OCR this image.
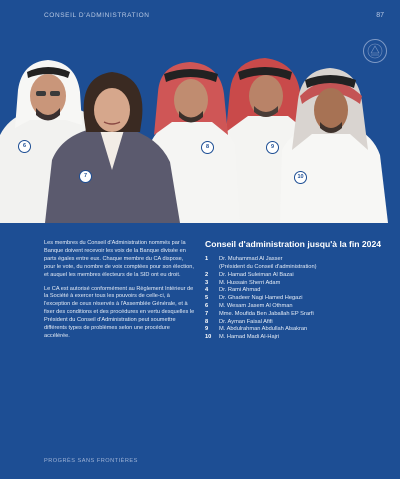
CONSEIL D'ADMINISTRATION	87
6
7
8	9
10

Les membres du Conseil d'Administration nommés par la Banque doivent recevoir les voix de la Banque divisée en parts égales entre eux. Chaque membre du CA dispose, pour le vote, du nombre de voix comptées pour son élection, et auquel les membres électeurs de la SID ont eu droit.

Le CA est autorisé conformément au Règlement Intérieur de la Société à exercer tous les pouvoirs de celle-ci, à l'exception de ceux réservés à l'Assemblée Générale, et à fixer des conditions et des procédures en vertu desquelles le Président du Conseil d'Administration peut soumettre différents types de problèmes selon une procédure accélérée.

Conseil d'administration jusqu'à la fin 2024
1 Dr. Muhammad Al Jasser
(Président du Conseil d'administration)
2 Dr. Hamad Suleiman Al Bazai
3 M. Hussain Sherri Adam
4 Dr. Rami Ahmad
5 Dr. Ghadeer Nagi Hamed Hegazi
6 M. Wesam Jasem Al Othman
7 Mme. Moufida Ben Jaballah EP Srarfi
8 Dr. Ayman Faisal Afifi
9 M. Abdulrahman Abdullah Alsakran
10 M. Hamad Madi Al-Hajri
PROGRÈS SANS FRONTIÈRES
